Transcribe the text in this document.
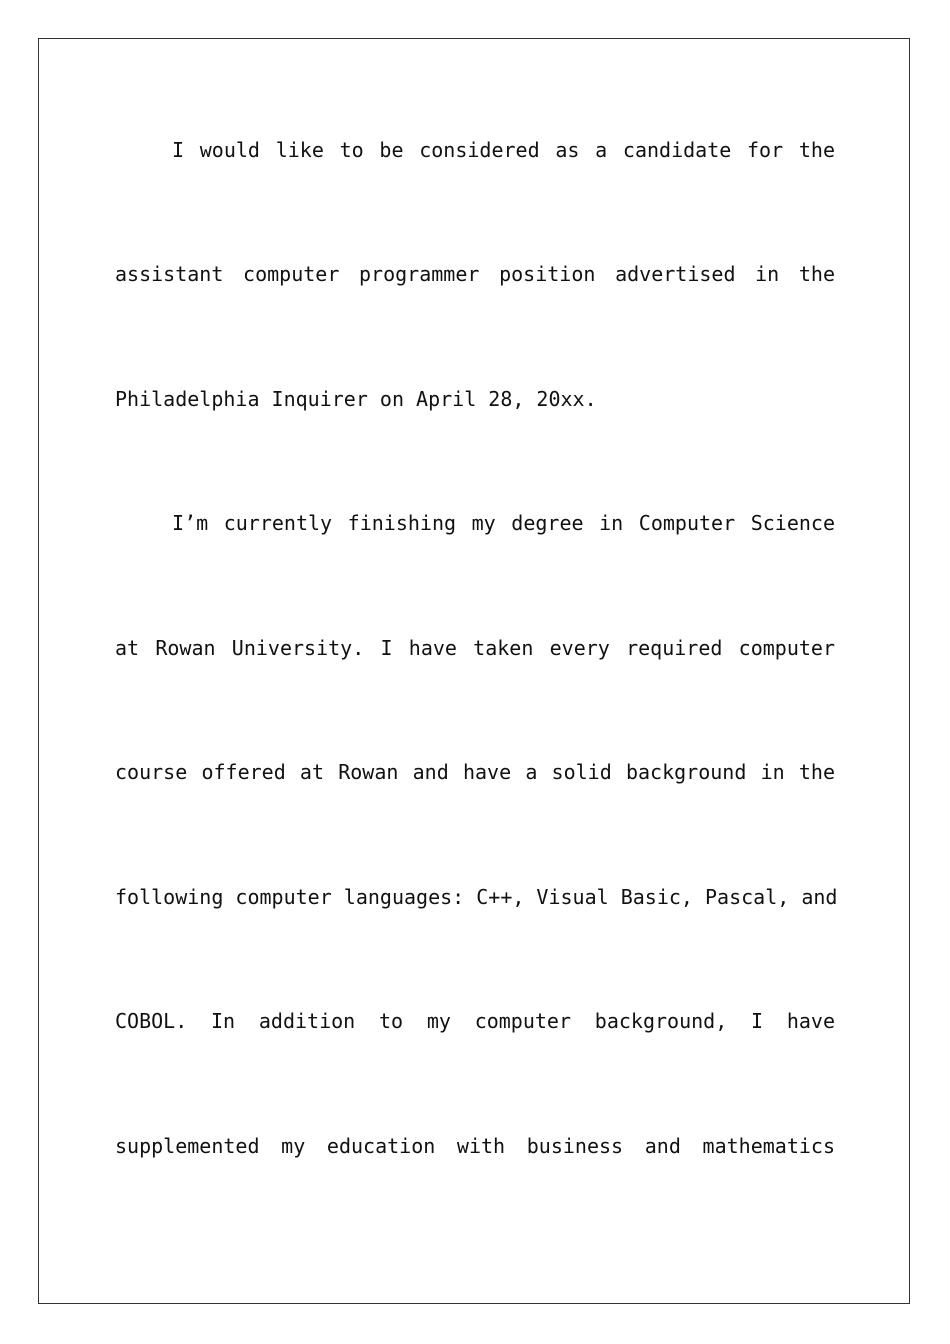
I would like to be considered as a candidate for the
assistant computer programmer position advertised in the
Philadelphia Inquirer on April 28, 20xx.
I’m currently finishing my degree in Computer Science
at Rowan University. I have taken every required computer
course offered at Rowan and have a solid background in the
following computer languages: C++, Visual Basic, Pascal, and
COBOL. In addition to my computer background, I have
supplemented my education with business and mathematics
